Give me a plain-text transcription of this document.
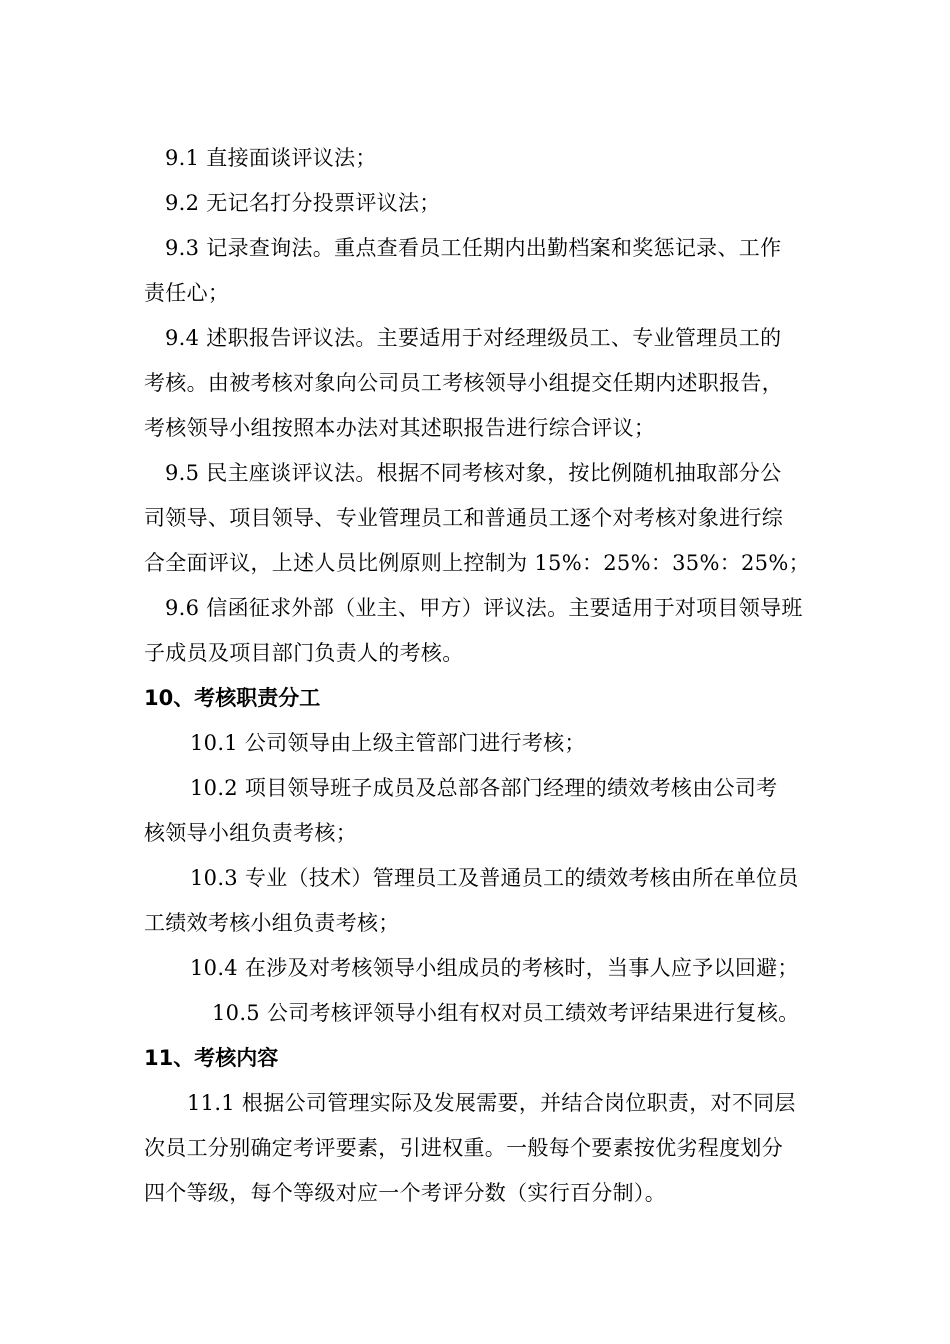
9.1 直接面谈评议法；
9.2 无记名打分投票评议法；
9.3 记录查询法。重点查看员工任期内出勤档案和奖惩记录、工作
责任心；
9.4 述职报告评议法。主要适用于对经理级员工、专业管理员工的
考核。由被考核对象向公司员工考核领导小组提交任期内述职报告，
考核领导小组按照本办法对其述职报告进行综合评议；
9.5 民主座谈评议法。根据不同考核对象，按比例随机抽取部分公
司领导、项目领导、专业管理员工和普通员工逐个对考核对象进行综
合全面评议，上述人员比例原则上控制为 15%：25%：35%：25%；
9.6 信函征求外部（业主、甲方）评议法。主要适用于对项目领导班
子成员及项目部门负责人的考核。
10、考核职责分工
10.1 公司领导由上级主管部门进行考核；
10.2 项目领导班子成员及总部各部门经理的绩效考核由公司考
核领导小组负责考核；
10.3 专业（技术）管理员工及普通员工的绩效考核由所在单位员
工绩效考核小组负责考核；
10.4 在涉及对考核领导小组成员的考核时，当事人应予以回避；
10.5 公司考核评领导小组有权对员工绩效考评结果进行复核。
11、考核内容
11.1 根据公司管理实际及发展需要，并结合岗位职责，对不同层
次员工分别确定考评要素，引进权重。一般每个要素按优劣程度划分
四个等级，每个等级对应一个考评分数（实行百分制）。
